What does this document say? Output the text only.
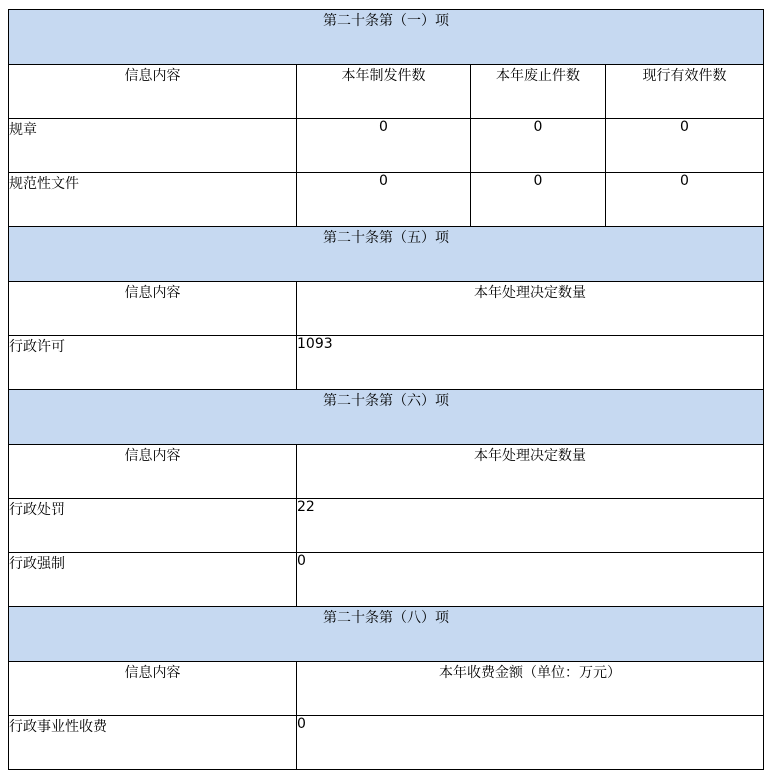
第二十条第（一）项			
信息内容	本年制发件数	本年废止件数	现行有效件数
规章	0	0	0
规范性文件	0	0	0
第二十条第（五）项			
信息内容	本年处理决定数量		
行政许可	1093		
第二十条第（六）项			
信息内容	本年处理决定数量		
行政处罚	22		
行政强制	0		
第二十条第（八）项			
信息内容	本年收费金额（单位：万元）		
行政事业性收费	0		
